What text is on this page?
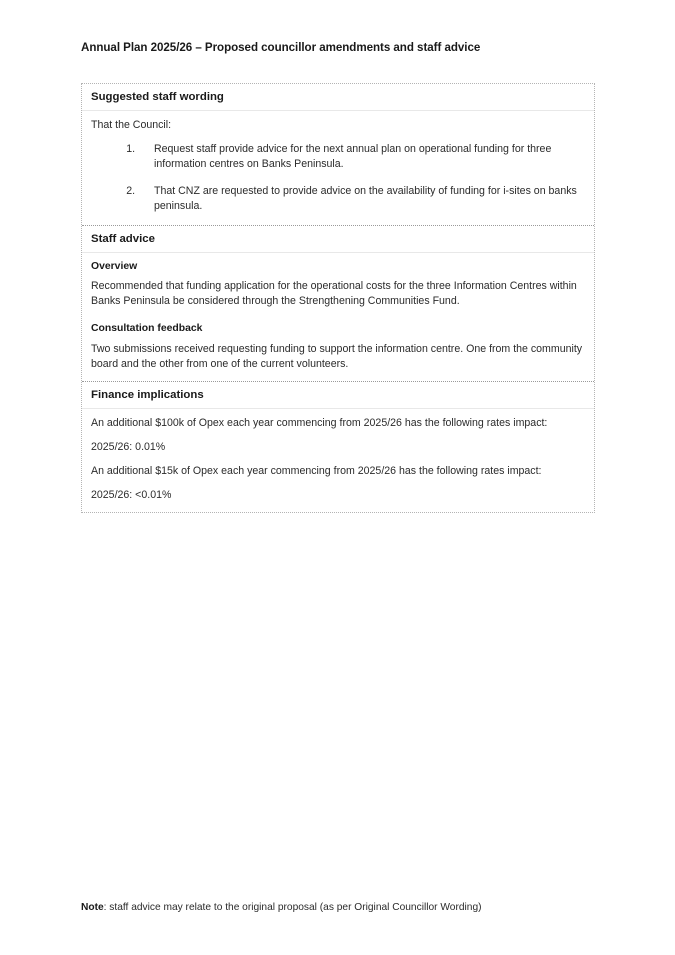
Annual Plan 2025/26 – Proposed councillor amendments and staff advice
Suggested staff wording

That the Council:

1. Request staff provide advice for the next annual plan on operational funding for three information centres on Banks Peninsula.
2. That CNZ are requested to provide advice on the availability of funding for i-sites on banks peninsula.
Staff advice

Overview

Recommended that funding application for the operational costs for the three Information Centres within Banks Peninsula be considered through the Strengthening Communities Fund.

Consultation feedback

Two submissions received requesting funding to support the information centre. One from the community board and the other from one of the current volunteers.

Finance implications

An additional $100k of Opex each year commencing from 2025/26 has the following rates impact:

2025/26: 0.01%

An additional $15k of Opex each year commencing from 2025/26 has the following rates impact:

2025/26: <0.01%

Note: staff advice may relate to the original proposal (as per Original Councillor Wording)
